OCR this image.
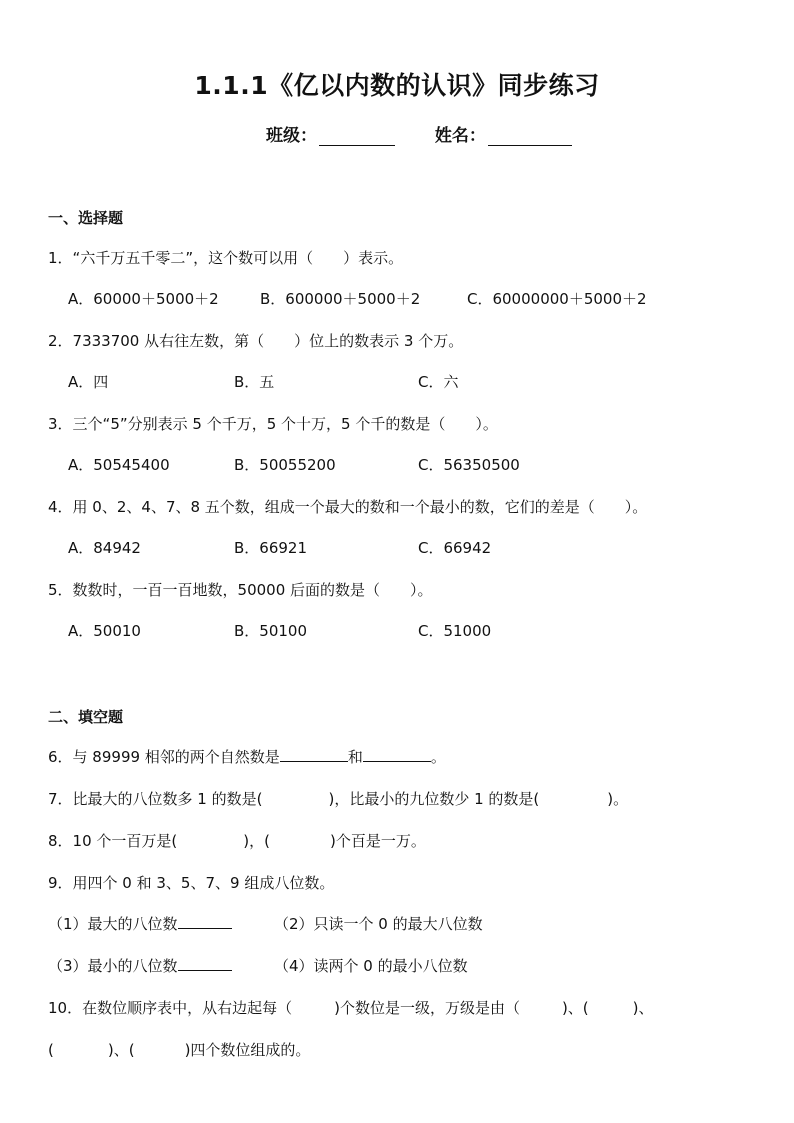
1.1.1《亿以内数的认识》同步练习
班级：	姓名：
一、选择题
1．“六千万五千零二”，这个数可以用（　　）表示。
A．60000＋5000＋2	B．600000＋5000＋2	C．60000000＋5000＋2
2．7333700 从右往左数，第（　　）位上的数表示 3 个万。
A．四	B．五	C．六
3．三个“5”分别表示 5 个千万，5 个十万，5 个千的数是（　　）。
A．50545400	B．50055200	C．56350500
4．用 0、2、4、7、8 五个数，组成一个最大的数和一个最小的数，它们的差是（　　）。
A．84942	B．66921	C．66942
5．数数时，一百一百地数，50000 后面的数是（　　）。
A．50010	B．50100	C．51000
二、填空题
6．与 89999 相邻的两个自然数是	和	。
7．比最大的八位数多 1 的数是(	)，比最小的九位数少 1 的数是(	)。
8．10 个一百万是(	)，(	)个百是一万。
9．用四个 0 和 3、5、7、9 组成八位数。
（1）最大的八位数	（2）只读一个 0 的最大八位数
（3）最小的八位数	（4）读两个 0 的最小八位数
10．在数位顺序表中，从右边起每（	)个数位是一级，万级是由（	)、(	)、
(	)、(	)四个数位组成的。
